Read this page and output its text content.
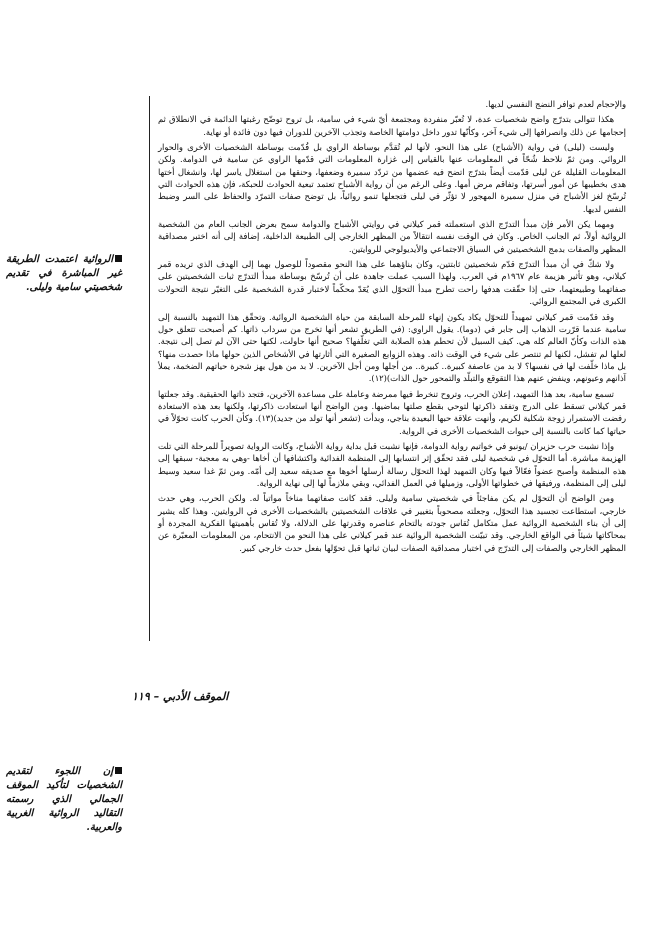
والإحجام لعدم توافر النضج النفسي لديها.

هكذا تتوالى بتدرّج واضح شخصيات عدة، لا تُعبّر منفردة ومجتمعة أيّ شيء في سامية، بل تروح توضّح رغبتها الدائمة في الانطلاق ثم إحجامها عن ذلك وانصرافها إلى شيء آخر، وكأنّها تدور داخل دوامتها الخاصة وتجذب الآخرين للدوران فيها دون فائدة أو نهاية.

وليست (ليلى) في رواية (الأشباح) على هذا النحو، لأنها لم تُقدَّم بوساطة الراوي بل قُدّمت بوساطة الشخصيات الأخرى والحوار الروائي. ومن ثمّ نلاحظ شُحّاً في المعلومات عنها بالقياس إلى غزارة المعلومات التي قدّمها الراوي عن سامية في الدوامة. ولكن المعلومات القليلة عن ليلى قدّمت أيضاً بتدرّج اتضح فيه عضمها من تردّد سميرة وضعفها، وحنقها من استغلال ياسر لها، وانشغال أختها هدى بخطيبها عن أمور أسرتها، وتفاقم مرض أمها. وعلى الرغم من أن رواية الأشباح تعتمد تبعية الحوادث للحبكة، فإن هذه الحوادث التي تُرسّخ لغز الأشباح في منزل سميرة المهجور لا تؤثّر في ليلى فتجعلها تنمو روائياً، بل توضح صفات التمرّد والحفاظ على السر وضبط النفس لديها.

ومهما يكن الأمر فإن مبدأ التدرّج الذي استعملته قمر كيلاني في روايتي الأشباح والدوامة سمح بعرض الجانب العام من الشخصية الروائية أولاً، ثم الجانب الخاص. وكان في الوقت نفسه انتقالاً من المظهر الخارجي إلى الطبيعة الداخلية، إضافة إلى أنه اختبر مصداقية المظهر والصفات بدمج الشخصيتين في السياق الاجتماعي والأيديولوجي للروايتين.

ولا شكّ في أن مبدأ التدرّج قدّم شخصيتين ثابتتين، وكان بناؤهما على هذا النحو مقصوداً للوصول بهما إلى الهدف الذي تريده قمر كيلاني، وهو تأثير هزيمة عام ١٩٦٧م في العرب. ولهذا السبب عملت جاهدة على أن تُرسّخ بوساطة مبدأ التدرّج ثبات الشخصيتين على صفاتهما وطبيعتهما، حتى إذا حقّقت هدفها راحت تطرح مبدأ التحوّل الذي يُعَدّ محكّماً لاختبار قدرة الشخصية على التغيّر نتيجة التحولات الكبرى في المجتمع الروائي.

وقد قدّمت قمر كيلاني تمهيداً للتحوّل يكاد يكون إنهاء للمرحلة السابقة من حياة الشخصية الروائية. وتحقّق هذا التمهيد بالنسبة إلى سامية عندما قرّرت الذهاب إلى جابر في (دوما). يقول الراوي: (في الطريق تشعر أنها تخرج من سرداب ذاتها. كم أصبحت تتعلق حول هذه الذات وكأنّ العالم كله هي. كيف السبيل لأن تحطم هذه الصلابة التي تغلّفها؟ صحيح أنها حاولت، لكنها حتى الآن لم تصل إلى نتيجة. لعلها لم تفشل، لكنها لم تنتصر على شيء في الوقت ذاته. وهذه الزوابع الصغيرة التي أثارتها في الأشخاص الذين حولها ماذا حصدت منها؟ بل ماذا خلّفت لها في نفسها؟ لا بد من عاصفة كبيرة.. كبيرة.. من أجلها ومن أجل الآخرين. لا بد من هول يهز شجرة حياتهم الضخمة، يملأ آذانهم وعيونهم، وينفض عنهم هذا التقوقع والتبلّد والتمحور حول الذات)(١٢).

تسمع سامية، بعد هذا التمهيد، إعلان الحرب، وتروح تنخرط فيها ممرضة وعاملة على مساعدة الآخرين، فتجد ذاتها الحقيقية. وقد جعلتها قمر كيلاني تسقط على الدرج وتفقد ذاكرتها لتوحي بقطع صلتها بماضيها. ومن الواضح أنها استعادت ذاكرتها، ولكنها بعد هذه الاستعادة رفضت الاستمرار زوجة شكلية لكريم، وأنهت علاقة حبها البعيدة بناجي، وبدأت (تشعر أنها تولد من جديد)(١٣). وكأن الحرب كانت تحوّلاً في حياتها كما كانت بالنسبة إلى حيوات الشخصيات الأخرى في الرواية.

وإذا نشبت حرب حزيران /يونيو في خواتيم رواية الدوامة، فإنها نشبت قبل بداية رواية الأشباح، وكانت الرواية تصويراً للمرحلة التي تلت الهزيمة مباشرة. أما التحوّل في شخصية ليلى فقد تحقّق إثر انتسابها إلى المنظمة الفدائية واكتشافها أن أخاها -وهي به معجبة- سبقها إلى هذه المنظمة وأصبح عضواً فعّالاً فيها وكان التمهيد لهذا التحوّل رسالة أرسلها أخوها مع صديقه سعيد إلى أمّه. ومن ثمّ غدا سعيد وسيط ليلى إلى المنظمة، ورفيقها في خطواتها الأولى، وزميلها في العمل الفدائي، وبقي ملازماً لها إلى نهاية الرواية.

ومن الواضح أن التحوّل لم يكن مفاجئاً في شخصيتي سامية وليلى. فقد كانت صفاتهما مناخاً مواتياً له. ولكن الحرب، وهي حدث خارجي، استطاعت تجسيد هذا التحوّل، وجعلته مصحوباً بتغيير في علاقات الشخصيتين بالشخصيات الأخرى في الروايتين. وهذا كله يشير إلى أن بناء الشخصية الروائية عمل متكامل تُقاس جودته بالتحام عناصره وقدرتها على الدلالة، ولا تُقاس بأهميتها الفكرية المجردة أو بمحاكاتها شيئاً في الواقع الخارجي. وقد تبيّنت الشخصية الروائية عند قمر كيلاني على هذا النحو من الانتحام، من المعلومات المعبّرة عن المظهر الخارجي والصفات إلى التدرّج في اختبار مصداقية الصفات لبيان ثباتها قبل تحوّلها بفعل حدث خارجي كبير.

الروائية اعتمدت الطريقة غير المباشرة في تقديم شخصيتي سامية وليلى.
الموقف الأدبي – ١١٩
إن اللجوء لتقديم الشخصيات لتأكيد الموقف الجمالي الذي رسمته التقاليد الروائية الغربية والعربية.
